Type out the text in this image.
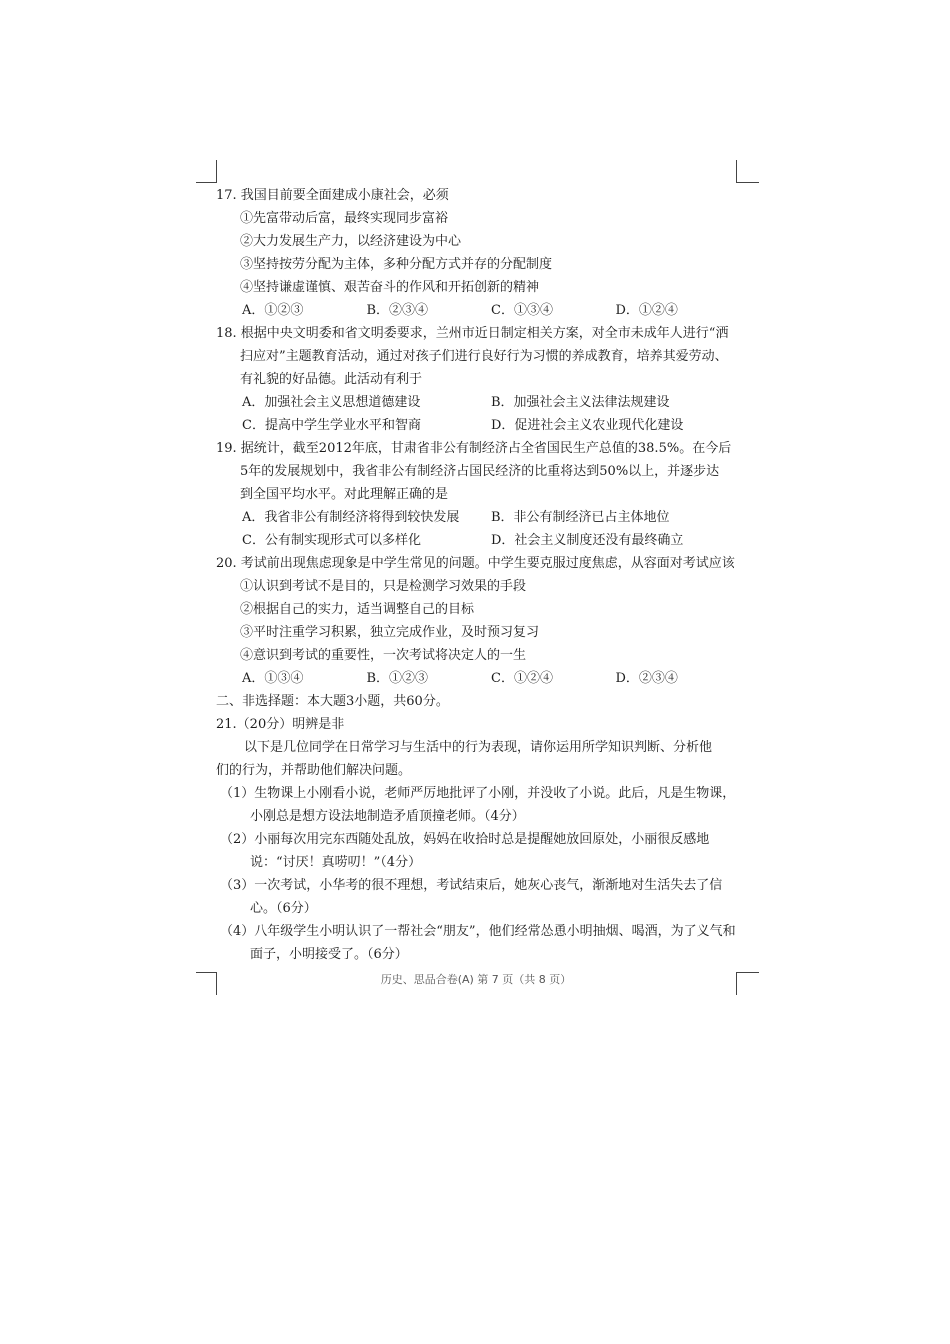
17. 我国目前要全面建成小康社会，必须
①先富带动后富，最终实现同步富裕
②大力发展生产力，以经济建设为中心
③坚持按劳分配为主体，多种分配方式并存的分配制度
④坚持谦虚谨慎、艰苦奋斗的作风和开拓创新的精神
A．①②③	B．②③④	C．①③④	D．①②④
18. 根据中央文明委和省文明委要求，兰州市近日制定相关方案，对全市未成年人进行“洒
扫应对”主题教育活动，通过对孩子们进行良好行为习惯的养成教育，培养其爱劳动、
有礼貌的好品德。此活动有利于
A．加强社会主义思想道德建设	B．加强社会主义法律法规建设
C．提高中学生学业水平和智商	D．促进社会主义农业现代化建设
19. 据统计，截至2012年底，甘肃省非公有制经济占全省国民生产总值的38.5%。在今后
5年的发展规划中，我省非公有制经济占国民经济的比重将达到50%以上，并逐步达
到全国平均水平。对此理解正确的是
A．我省非公有制经济将得到较快发展	B．非公有制经济已占主体地位
C．公有制实现形式可以多样化	D．社会主义制度还没有最终确立
20. 考试前出现焦虑现象是中学生常见的问题。中学生要克服过度焦虑，从容面对考试应该
①认识到考试不是目的，只是检测学习效果的手段
②根据自己的实力，适当调整自己的目标
③平时注重学习积累，独立完成作业，及时预习复习
④意识到考试的重要性，一次考试将决定人的一生
A．①③④	B．①②③	C．①②④	D．②③④
二、非选择题：本大题3小题，共60分。
21.（20分）明辨是非
以下是几位同学在日常学习与生活中的行为表现，请你运用所学知识判断、分析他
们的行为，并帮助他们解决问题。
（1）生物课上小刚看小说，老师严厉地批评了小刚，并没收了小说。此后，凡是生物课，
小刚总是想方设法地制造矛盾顶撞老师。（4分）
（2）小丽每次用完东西随处乱放，妈妈在收拾时总是提醒她放回原处，小丽很反感地
说：“讨厌！真唠叨！”（4分）
（3）一次考试，小华考的很不理想，考试结束后，她灰心丧气，渐渐地对生活失去了信
心。（6分）
（4）八年级学生小明认识了一帮社会“朋友”，他们经常怂恿小明抽烟、喝酒，为了义气和
面子，小明接受了。（6分）
历史、思品合卷(A) 第 7 页（共 8 页）
